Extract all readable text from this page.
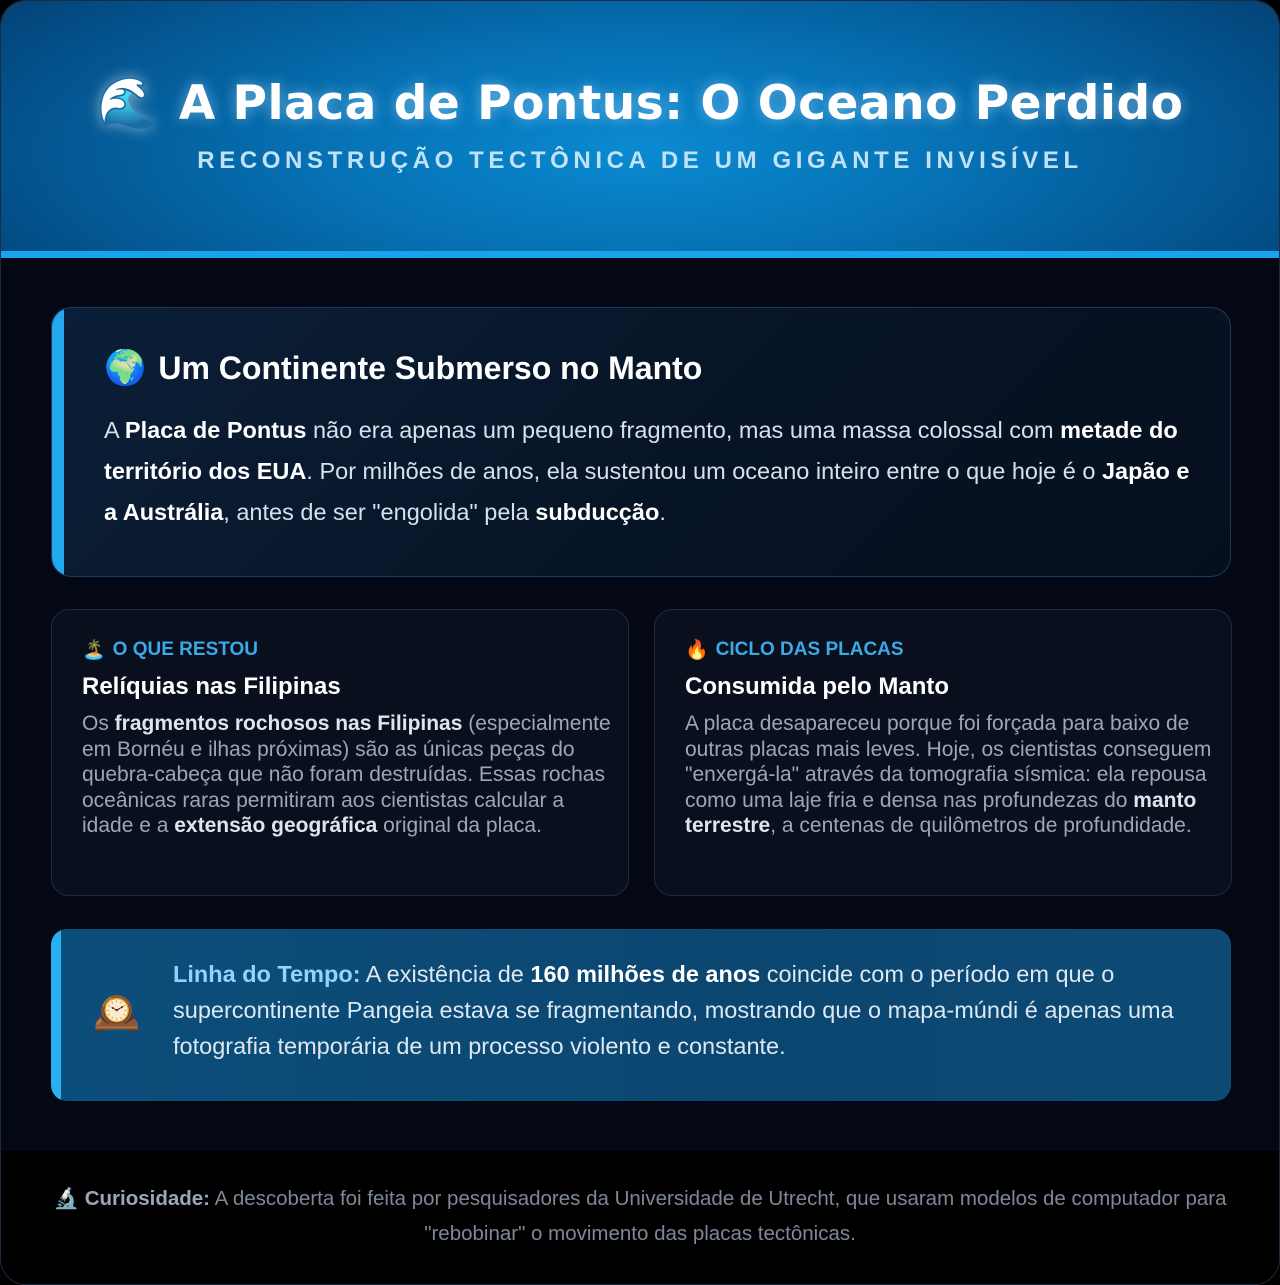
🌊 A Placa de Pontus: O Oceano Perdido
RECONSTRUÇÃO TECTÔNICA DE UM GIGANTE INVISÍVEL
🌍 Um Continente Submerso no Manto
A Placa de Pontus não era apenas um pequeno fragmento, mas uma massa colossal com metade do território dos EUA. Por milhões de anos, ela sustentou um oceano inteiro entre o que hoje é o Japão e a Austrália, antes de ser "engolida" pela subducção.
🏝️ O QUE RESTOU
Relíquias nas Filipinas
Os fragmentos rochosos nas Filipinas (especialmente em Bornéu e ilhas próximas) são as únicas peças do quebra-cabeça que não foram destruídas. Essas rochas oceânicas raras permitiram aos cientistas calcular a idade e a extensão geográfica original da placa.
🔥 CICLO DAS PLACAS
Consumida pelo Manto
A placa desapareceu porque foi forçada para baixo de outras placas mais leves. Hoje, os cientistas conseguem "enxergá-la" através da tomografia sísmica: ela repousa como uma laje fria e densa nas profundezas do manto terrestre, a centenas de quilômetros de profundidade.
🕰️
Linha do Tempo: A existência de 160 milhões de anos coincide com o período em que o supercontinente Pangeia estava se fragmentando, mostrando que o mapa-múndi é apenas uma fotografia temporária de um processo violento e constante.
🔬 Curiosidade: A descoberta foi feita por pesquisadores da Universidade de Utrecht, que usaram modelos de computador para "rebobinar" o movimento das placas tectônicas.
